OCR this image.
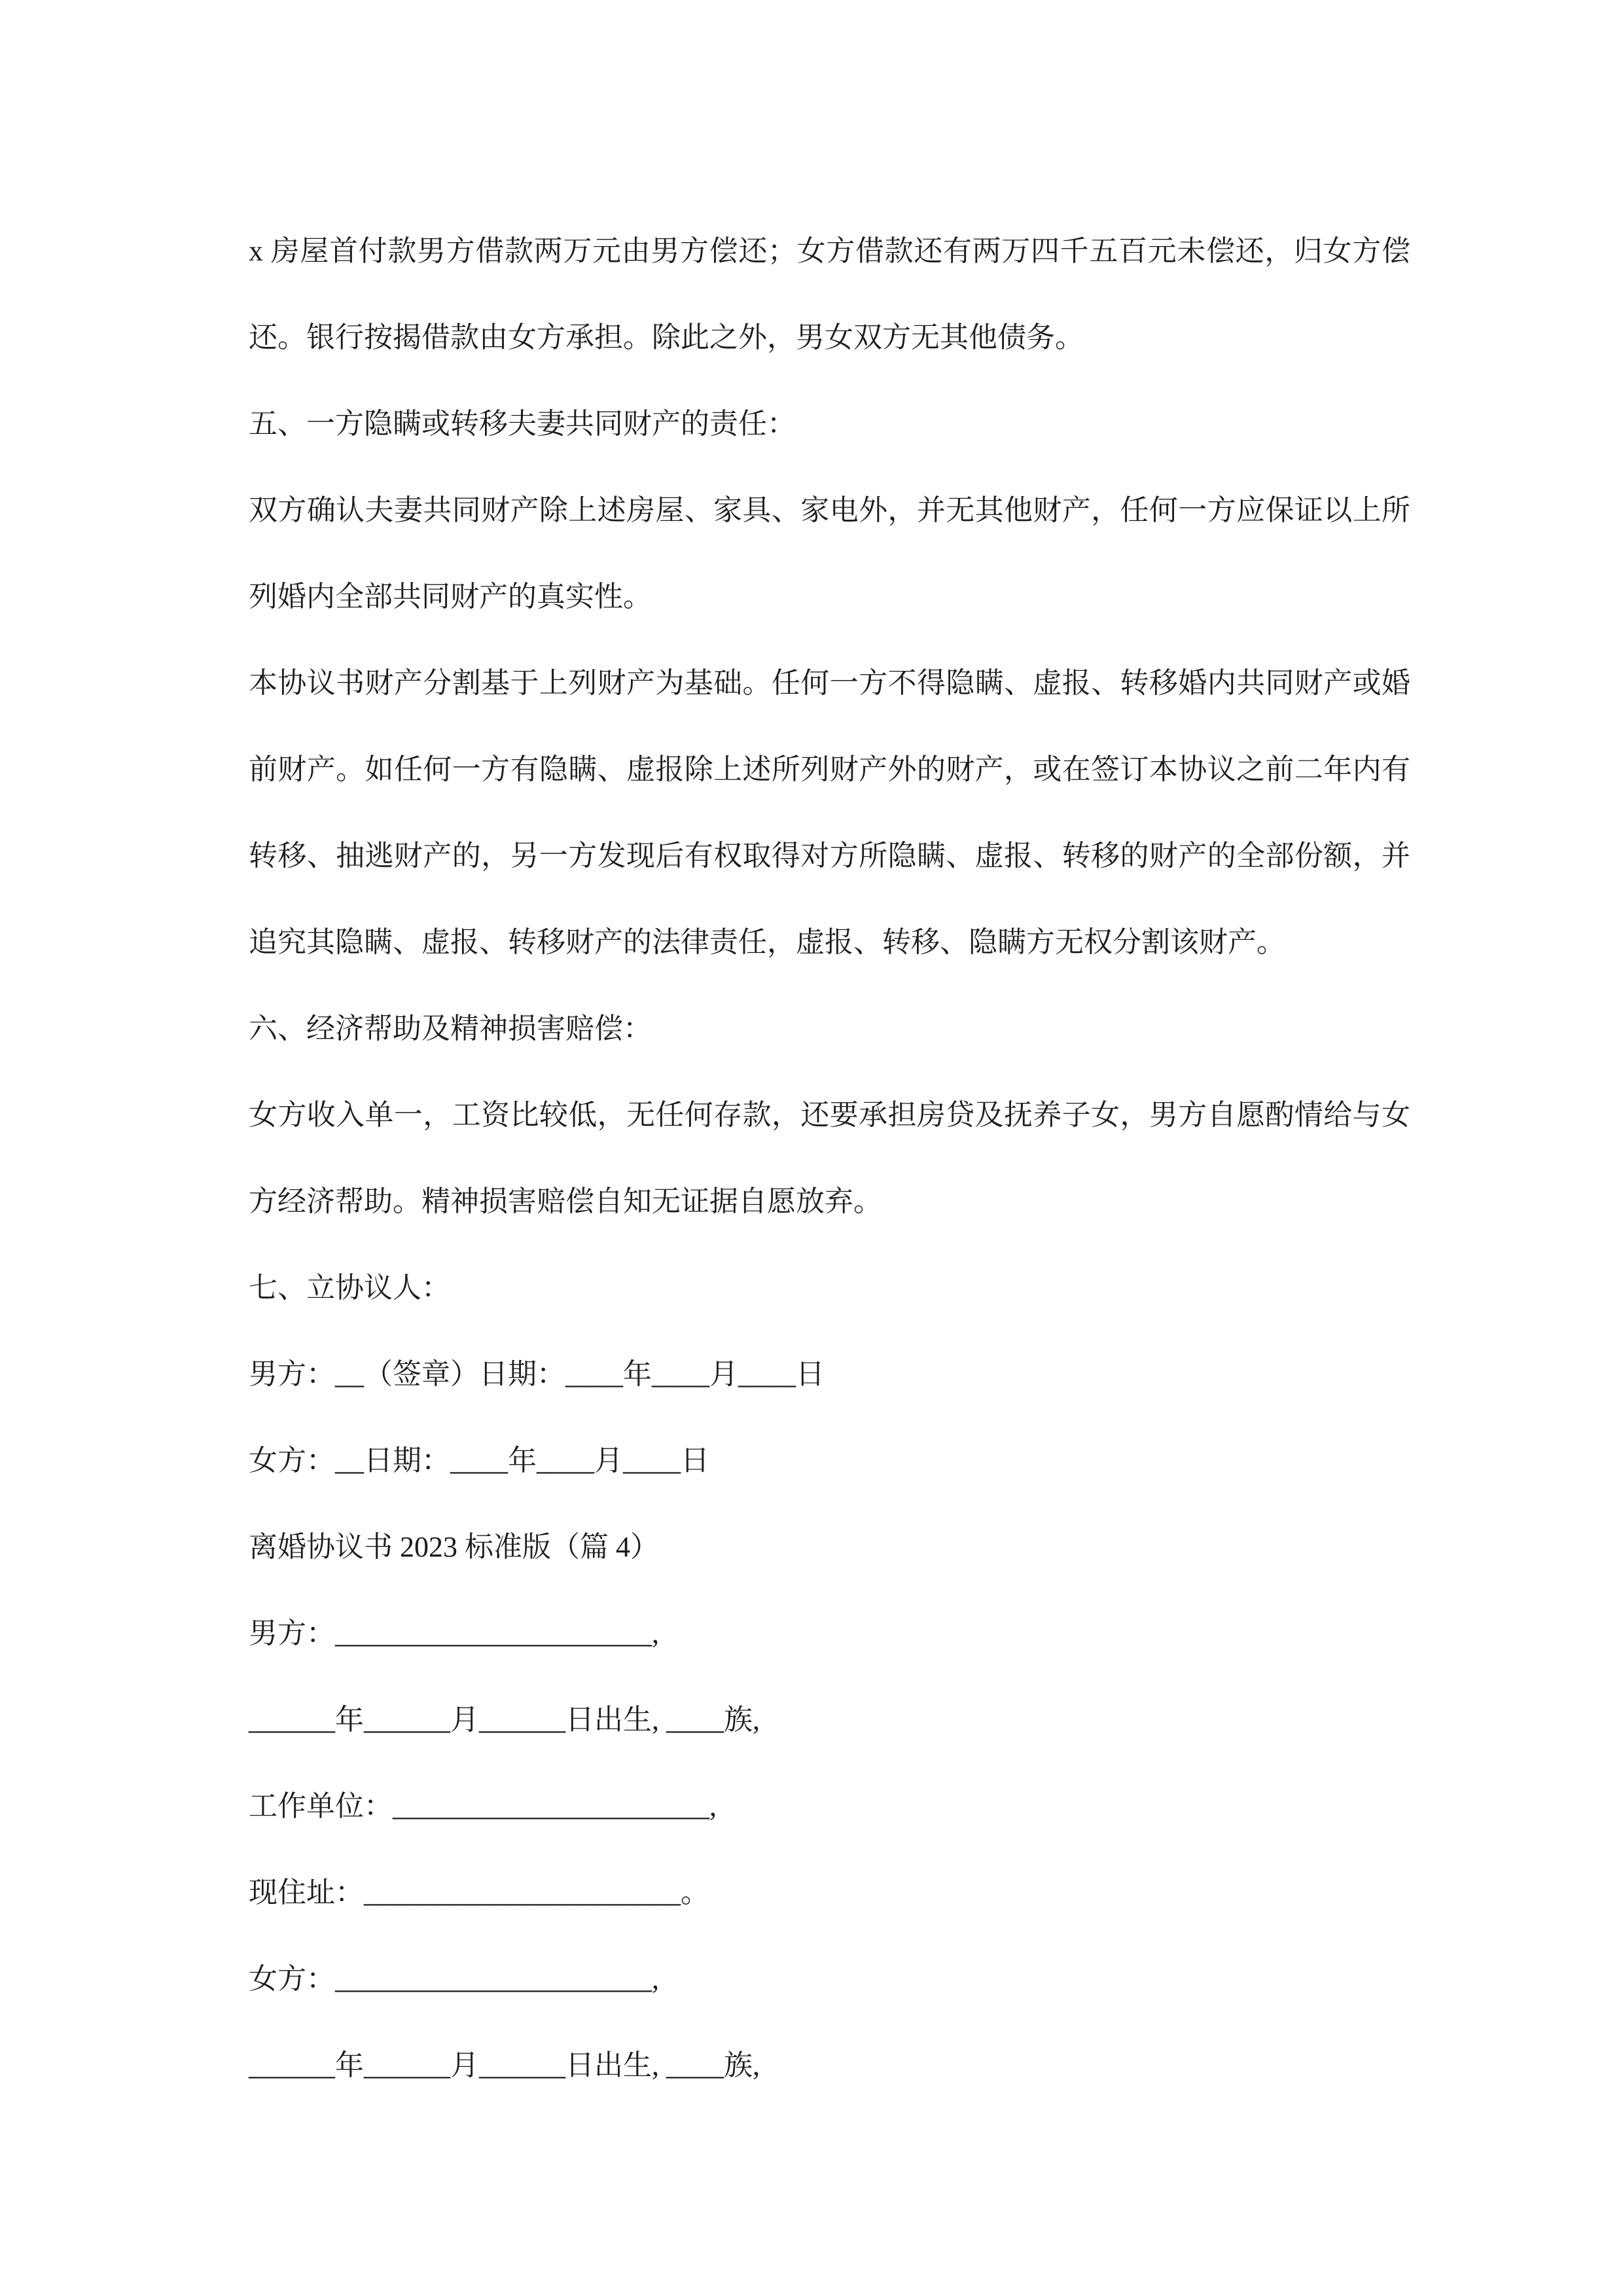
x 房屋首付款男方借款两万元由男方偿还；女方借款还有两万四千五百元未偿还，归女方偿还。银行按揭借款由女方承担。除此之外，男女双方无其他债务。

五、一方隐瞒或转移夫妻共同财产的责任：

双方确认夫妻共同财产除上述房屋、家具、家电外，并无其他财产，任何一方应保证以上所列婚内全部共同财产的真实性。

本协议书财产分割基于上列财产为基础。任何一方不得隐瞒、虚报、转移婚内共同财产或婚前财产。如任何一方有隐瞒、虚报除上述所列财产外的财产，或在签订本协议之前二年内有转移、抽逃财产的，另一方发现后有权取得对方所隐瞒、虚报、转移的财产的全部份额，并追究其隐瞒、虚报、转移财产的法律责任，虚报、转移、隐瞒方无权分割该财产。

六、经济帮助及精神损害赔偿：

女方收入单一，工资比较低，无任何存款，还要承担房贷及抚养子女，男方自愿酌情给与女方经济帮助。精神损害赔偿自知无证据自愿放弃。

七、立协议人：

男方：__（签章）日期：____年____月____日

女方：__日期：____年____月____日

离婚协议书 2023 标准版（篇 4）

男方：______________________,

______年______月______日出生, ____族,

工作单位：______________________,

现住址：______________________。

女方：______________________,

______年______月______日出生, ____族,
